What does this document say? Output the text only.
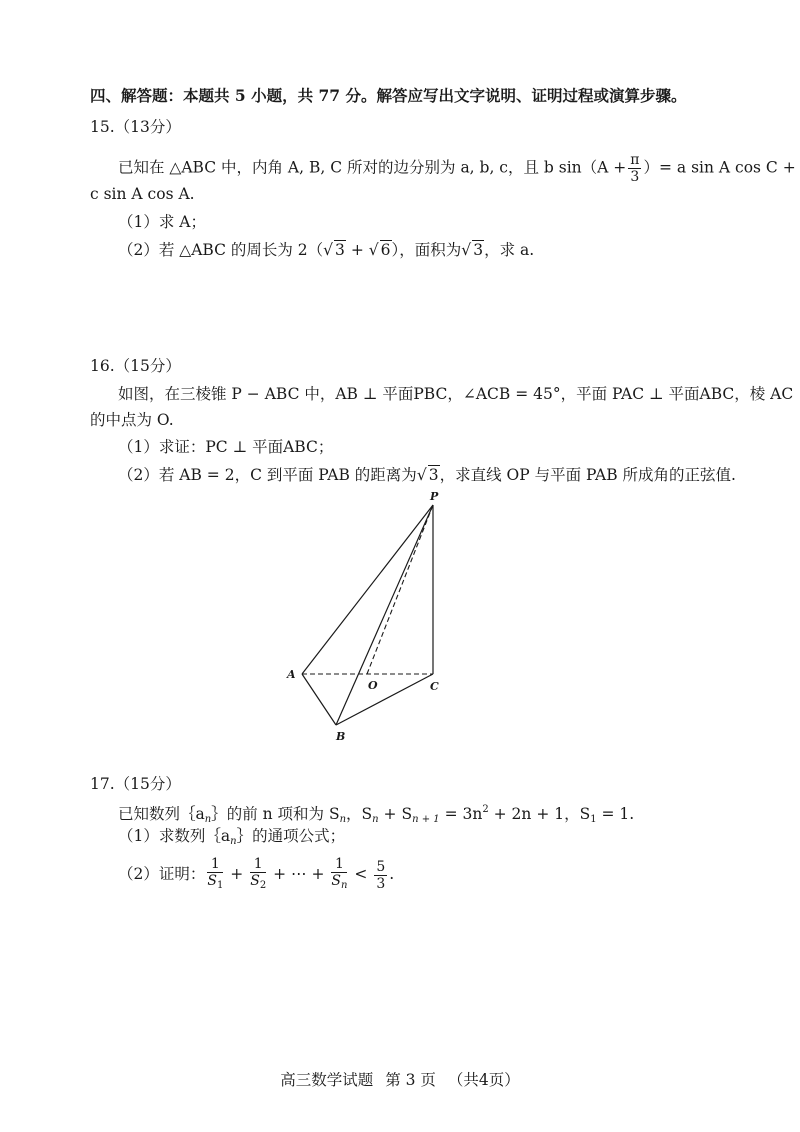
四、解答题：本题共 5 小题，共 77 分。解答应写出文字说明、证明过程或演算步骤。
15.（13分）
已知在 △ABC 中，内角 A, B, C 所对的边分别为 a, b, c，且 b $\sin(A + \frac{\pi}{3}$ ）= a sin A cos C +
c sin A cos A.
（1）求 A；
（2）若 △ABC 的周长为 2（√ 3 + √ 6），面积为√ 3，求 a.
16.（15分）
如图，在三棱锥 P − ABC 中，AB ⊥ 平面PBC，∠ACB = 45°，平面 PAC ⊥ 平面ABC，棱 AC
的中点为 O.
（1）求证：PC ⊥ 平面ABC；
（2）若 AB = 2，C 到平面 PAB 的距离为√ 3，求直线 OP 与平面 PAB 所成角的正弦值.
P
A
O	C
B
17.（15分）
已知数列$\{a_n\}$的前 n 项和为 $S_n$，$S_n + S_{n + 1} = 3n^2 + 2n + 1$，$S_1 = 1$.
（1）求数列$\{a_n\}$的通项公式；
（2）证明： $\frac{1}{S_1} + \frac{1}{S_2}$ + ⋯ + $\frac{1}{S_n} < \frac{5}{3}$ .
高三数学试题 第 3 页 （共4页）
